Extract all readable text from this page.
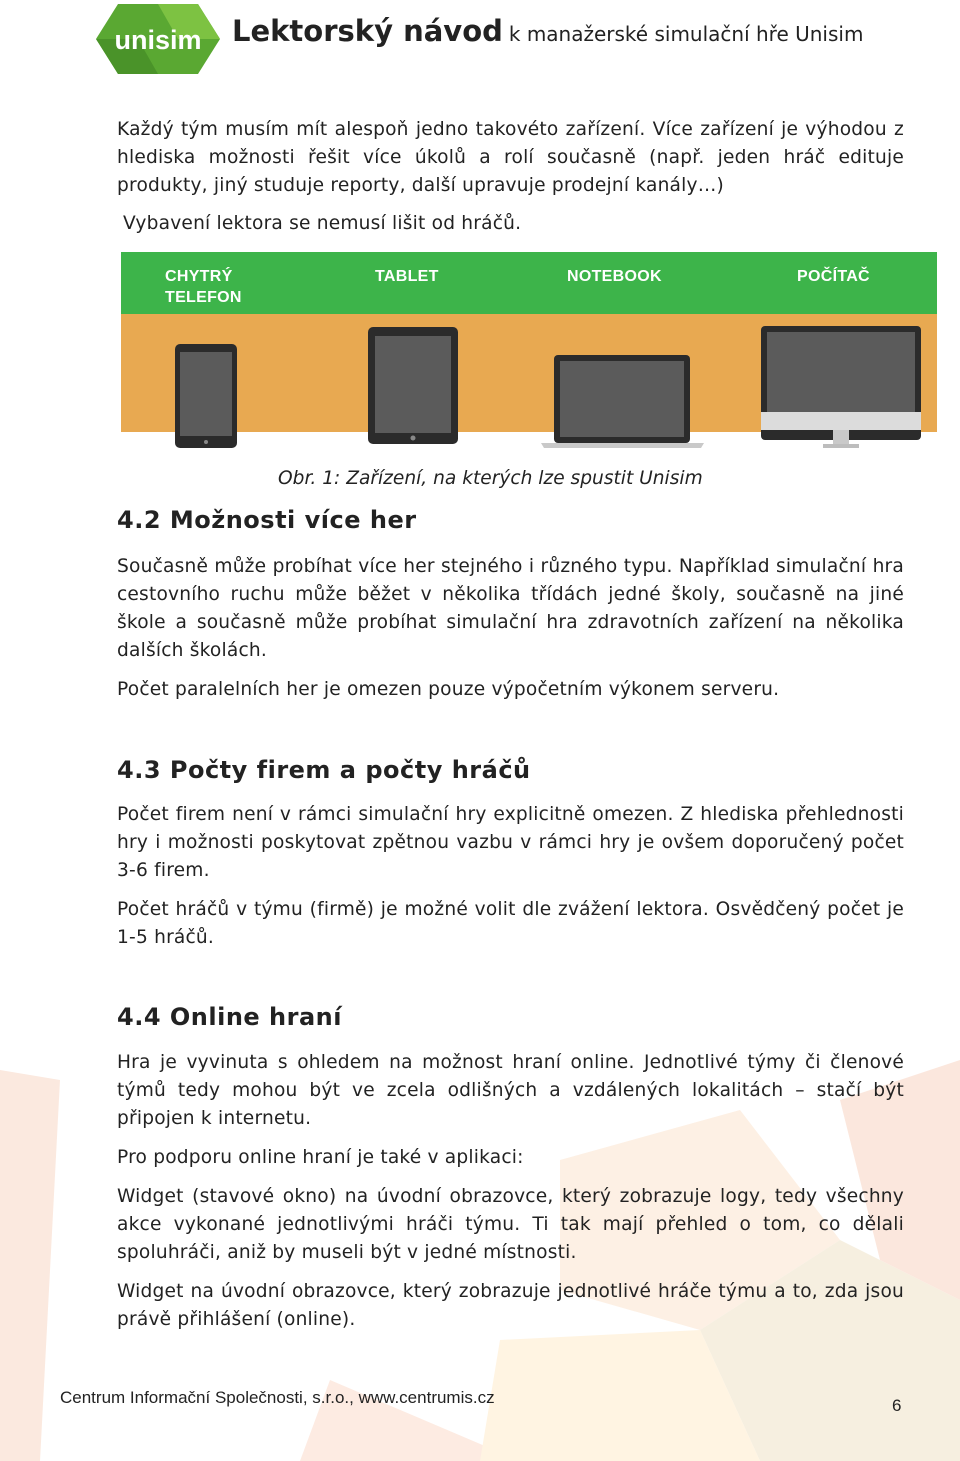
unisim Lektorský návod k manažerské simulační hře Unisim

Každý tým musím mít alespoň jedno takovéto zařízení. Více zařízení je výhodou z hlediska možnosti řešit více úkolů a rolí současně (např. jeden hráč edituje produkty, jiný studuje reporty, další upravuje prodejní kanály…)

Vybavení lektora se nemusí lišit od hráčů.

CHYTRÝ
TELEFON
TABLET	NOTEBOOK	POČÍTAČ
Obr. 1: Zařízení, na kterých lze spustit Unisim
4.2 Možnosti více her

Současně může probíhat více her stejného i různého typu. Například simulační hra cestovního ruchu může běžet v několika třídách jedné školy, současně na jiné škole a současně může probíhat simulační hra zdravotních zařízení na několika dalších školách.

Počet paralelních her je omezen pouze výpočetním výkonem serveru.

4.3 Počty firem a počty hráčů

Počet firem není v rámci simulační hry explicitně omezen. Z hlediska přehlednosti hry i možnosti poskytovat zpětnou vazbu v rámci hry je ovšem doporučený počet 3-6 firem.

Počet hráčů v týmu (firmě) je možné volit dle zvážení lektora. Osvědčený počet je 1-5 hráčů.

4.4 Online hraní

Hra je vyvinuta s ohledem na možnost hraní online. Jednotlivé týmy či členové týmů tedy mohou být ve zcela odlišných a vzdálených lokalitách – stačí být připojen k internetu.

Pro podporu online hraní je také v aplikaci:

Widget (stavové okno) na úvodní obrazovce, který zobrazuje logy, tedy všechny akce vykonané jednotlivými hráči týmu. Ti tak mají přehled o tom, co dělali spoluhráči, aniž by museli být v jedné místnosti.

Widget na úvodní obrazovce, který zobrazuje jednotlivé hráče týmu a to, zda jsou právě přihlášení (online).

Centrum Informační Společnosti, s.r.o., www.centrumis.cz	6
